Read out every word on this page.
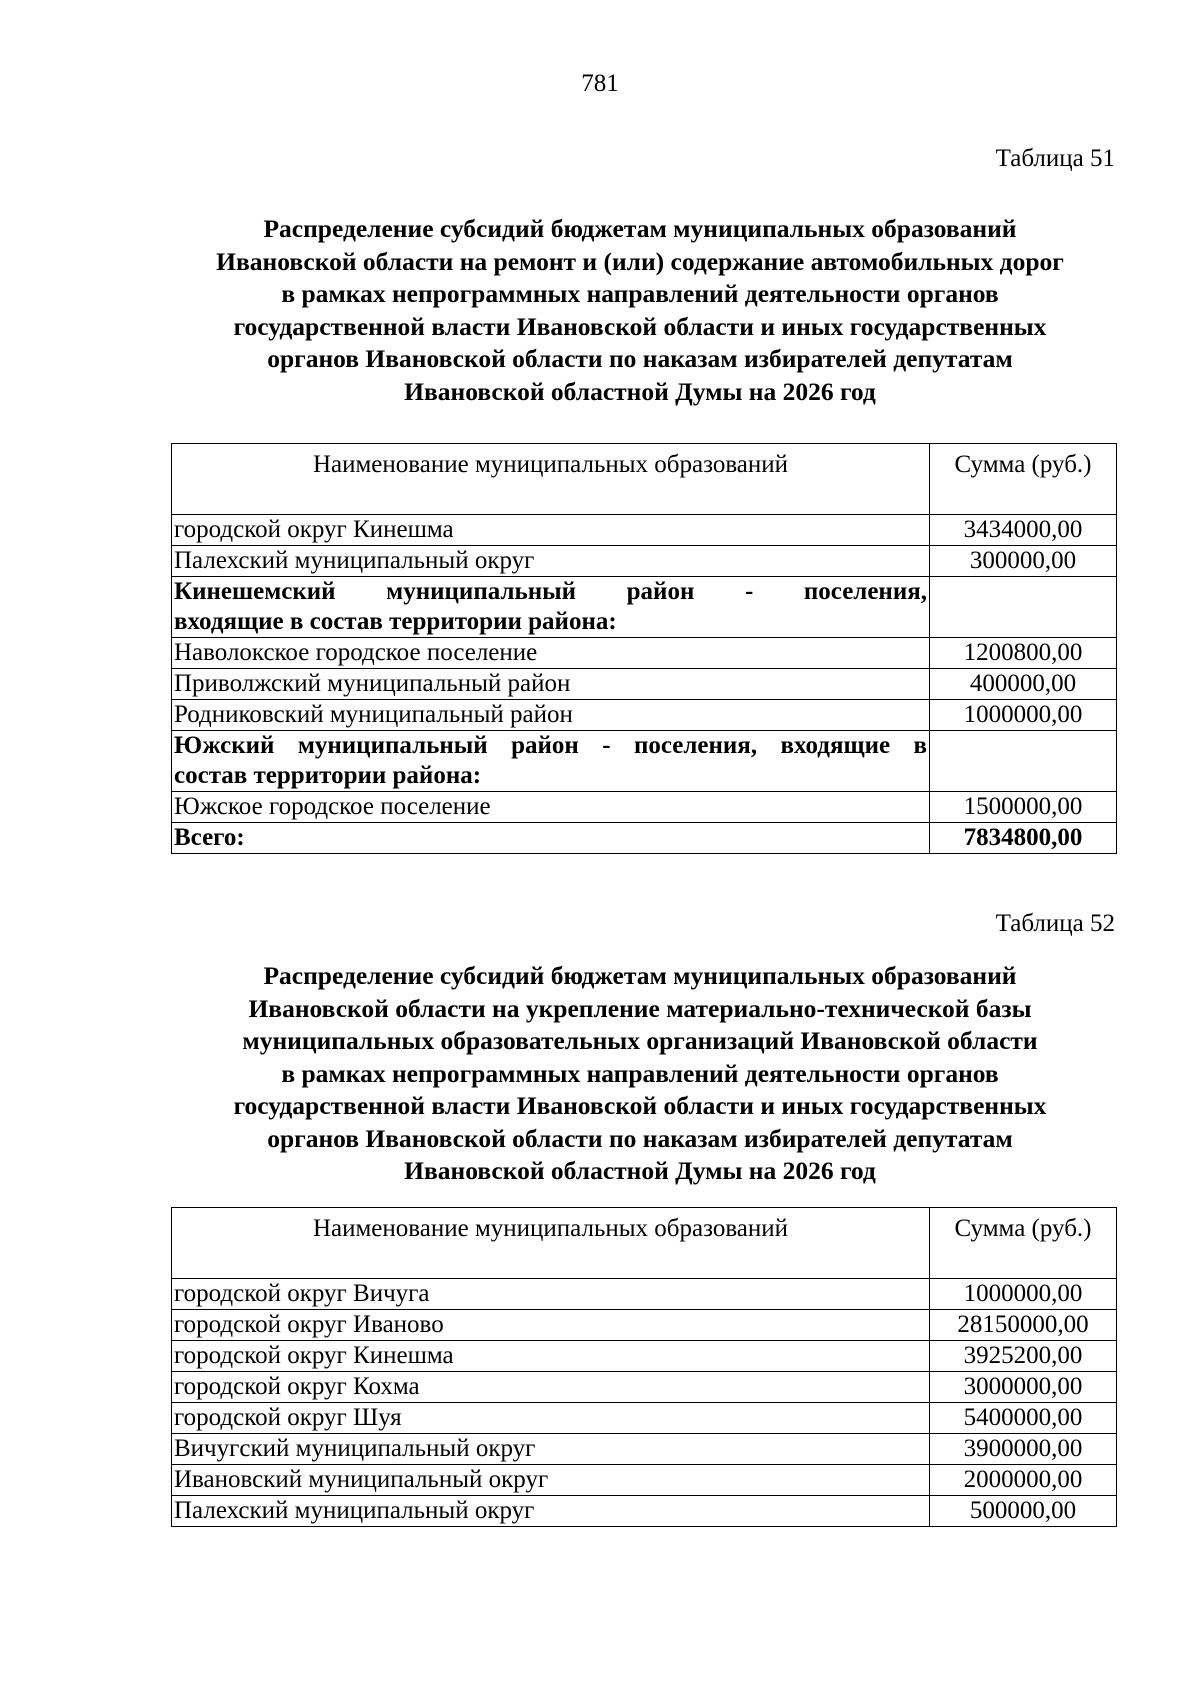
781
Таблица 51
Распределение субсидий бюджетам муниципальных образований
Ивановской области на ремонт и (или) содержание автомобильных дорог
в рамках непрограммных направлений деятельности органов
государственной власти Ивановской области и иных государственных
органов Ивановской области по наказам избирателей депутатам
Ивановской областной Думы на 2026 год
Наименование муниципальных образований	Сумма (руб.)
городской округ Кинешма	3434000,00
Палехский муниципальный округ	300000,00
Кинешемский муниципальный район - поселения,
входящие в состав территории района:	

Наволокское городское поселение	1200800,00
Приволжский муниципальный район	400000,00
Родниковский муниципальный район	1000000,00
Южский муниципальный район - поселения, входящие в
состав территории района:	

Южское городское поселение	1500000,00
Всего:	7834800,00
Таблица 52
Распределение субсидий бюджетам муниципальных образований
Ивановской области на укрепление материально-технической базы
муниципальных образовательных организаций Ивановской области
в рамках непрограммных направлений деятельности органов
государственной власти Ивановской области и иных государственных
органов Ивановской области по наказам избирателей депутатам
Ивановской областной Думы на 2026 год
Наименование муниципальных образований	Сумма (руб.)
городской округ Вичуга	1000000,00
городской округ Иваново	28150000,00
городской округ Кинешма	3925200,00
городской округ Кохма	3000000,00
городской округ Шуя	5400000,00
Вичугский муниципальный округ	3900000,00
Ивановский муниципальный округ	2000000,00
Палехский муниципальный округ	500000,00
